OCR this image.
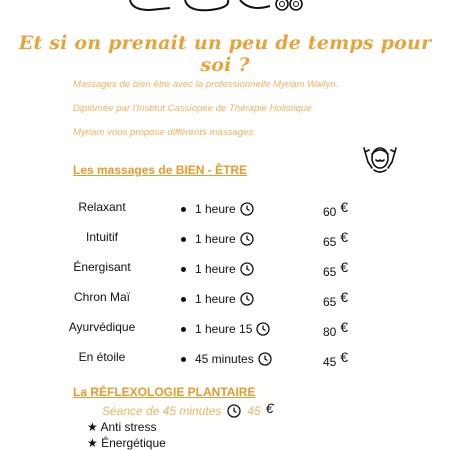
Et si on prenait un peu de temps pour soi ?
Massages de bien être avec la professionnelle Myriam Wallyn.
Diplômée par l'Institut Cassiopée de Thérapie Holistique
Myriam vous propose différents massages.
Les massages de BIEN - ÊTRE
Relaxant	1 heure	60 €
Intuitif	1 heure	65 €
Énergisant	1 heure	65 €
Chron Maï	1 heure	65 €
Ayurvédique	1 heure 15	80 €
En étoile	45 minutes	45 €
La RÉFLEXOLOGIE PLANTAIRE
Séance de 45 minutes 45 €
★ Anti stress
★ Énergétique
